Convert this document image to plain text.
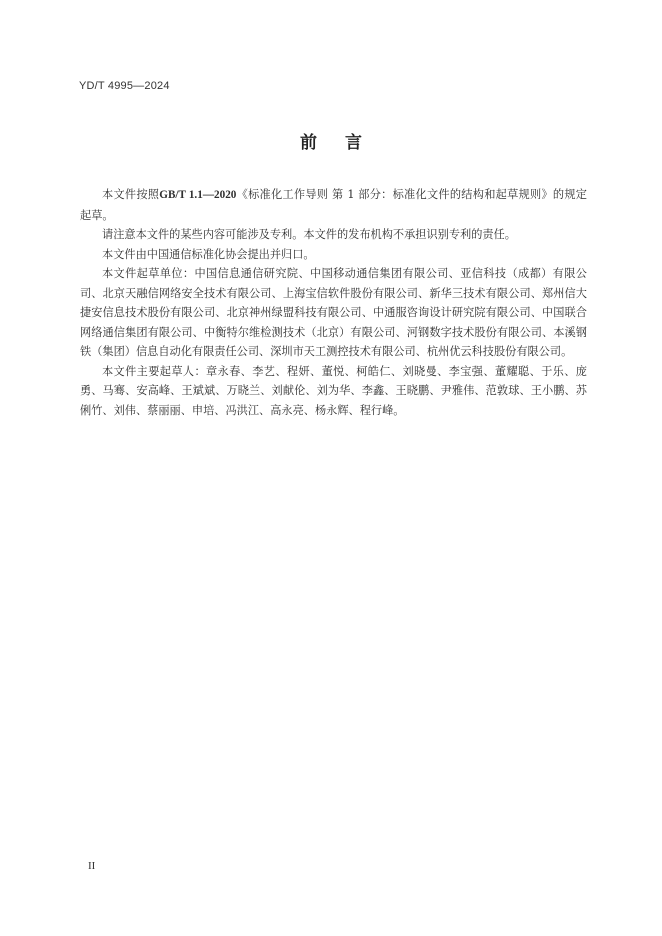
YD/T 4995—2024
前言

本文件按照GB/T 1.1—2020《标准化工作导则 第 1 部分：标准化文件的结构和起草规则》的规定起草。

请注意本文件的某些内容可能涉及专利。本文件的发布机构不承担识别专利的责任。

本文件由中国通信标准化协会提出并归口。

本文件起草单位：中国信息通信研究院、中国移动通信集团有限公司、亚信科技（成都）有限公司、北京天融信网络安全技术有限公司、上海宝信软件股份有限公司、新华三技术有限公司、郑州信大捷安信息技术股份有限公司、北京神州绿盟科技有限公司、中通服咨询设计研究院有限公司、中国联合网络通信集团有限公司、中衡特尔维检测技术（北京）有限公司、河钢数字技术股份有限公司、本溪钢铁（集团）信息自动化有限责任公司、深圳市天工测控技术有限公司、杭州优云科技股份有限公司。

本文件主要起草人：章永春、李艺、程妍、董悦、柯皓仁、刘晓曼、李宝强、董耀聪、于乐、庞勇、马骞、安高峰、王斌斌、万晓兰、刘献伦、刘为华、李鑫、王晓鹏、尹雅伟、范敦球、王小鹏、苏俐竹、刘伟、蔡丽丽、申培、冯洪江、高永亮、杨永辉、程行峰。

II
